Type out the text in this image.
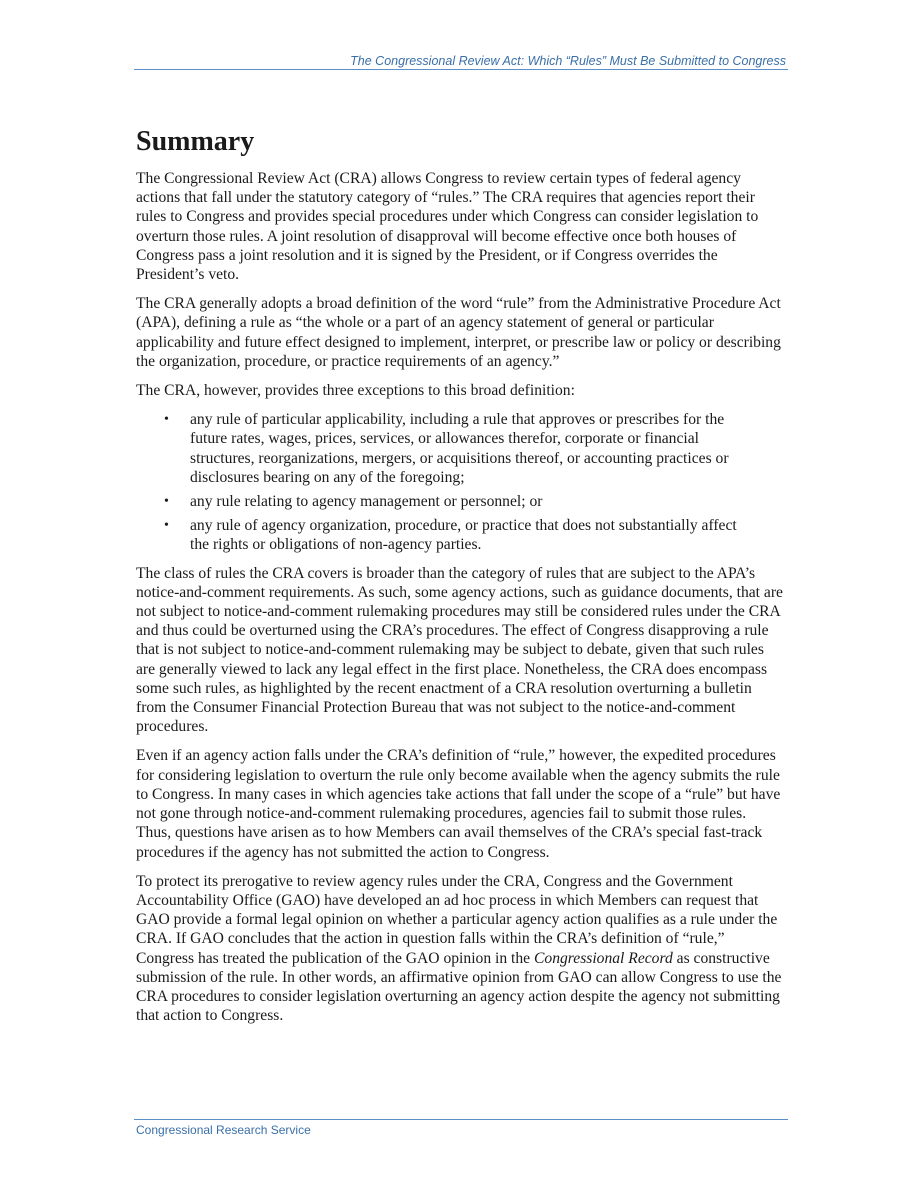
The Congressional Review Act: Which “Rules” Must Be Submitted to Congress
Summary

The Congressional Review Act (CRA) allows Congress to review certain types of federal agency actions that fall under the statutory category of “rules.” The CRA requires that agencies report their rules to Congress and provides special procedures under which Congress can consider legislation to overturn those rules. A joint resolution of disapproval will become effective once both houses of Congress pass a joint resolution and it is signed by the President, or if Congress overrides the President’s veto.

The CRA generally adopts a broad definition of the word “rule” from the Administrative Procedure Act (APA), defining a rule as “the whole or a part of an agency statement of general or particular applicability and future effect designed to implement, interpret, or prescribe law or policy or describing the organization, procedure, or practice requirements of an agency.”

The CRA, however, provides three exceptions to this broad definition:

• any rule of particular applicability, including a rule that approves or prescribes for the future rates, wages, prices, services, or allowances therefor, corporate or financial structures, reorganizations, mergers, or acquisitions thereof, or accounting practices or disclosures bearing on any of the foregoing;
• any rule relating to agency management or personnel; or
• any rule of agency organization, procedure, or practice that does not substantially affect the rights or obligations of non-agency parties.

The class of rules the CRA covers is broader than the category of rules that are subject to the APA’s notice-and-comment requirements. As such, some agency actions, such as guidance documents, that are not subject to notice-and-comment rulemaking procedures may still be considered rules under the CRA and thus could be overturned using the CRA’s procedures. The effect of Congress disapproving a rule that is not subject to notice-and-comment rulemaking may be subject to debate, given that such rules are generally viewed to lack any legal effect in the first place. Nonetheless, the CRA does encompass some such rules, as highlighted by the recent enactment of a CRA resolution overturning a bulletin from the Consumer Financial Protection Bureau that was not subject to the notice-and-comment procedures.

Even if an agency action falls under the CRA’s definition of “rule,” however, the expedited procedures for considering legislation to overturn the rule only become available when the agency submits the rule to Congress. In many cases in which agencies take actions that fall under the scope of a “rule” but have not gone through notice-and-comment rulemaking procedures, agencies fail to submit those rules. Thus, questions have arisen as to how Members can avail themselves of the CRA’s special fast-track procedures if the agency has not submitted the action to Congress.

To protect its prerogative to review agency rules under the CRA, Congress and the Government Accountability Office (GAO) have developed an ad hoc process in which Members can request that GAO provide a formal legal opinion on whether a particular agency action qualifies as a rule under the CRA. If GAO concludes that the action in question falls within the CRA’s definition of “rule,” Congress has treated the publication of the GAO opinion in the Congressional Record as constructive submission of the rule. In other words, an affirmative opinion from GAO can allow Congress to use the CRA procedures to consider legislation overturning an agency action despite the agency not submitting that action to Congress.

Congressional Research Service
